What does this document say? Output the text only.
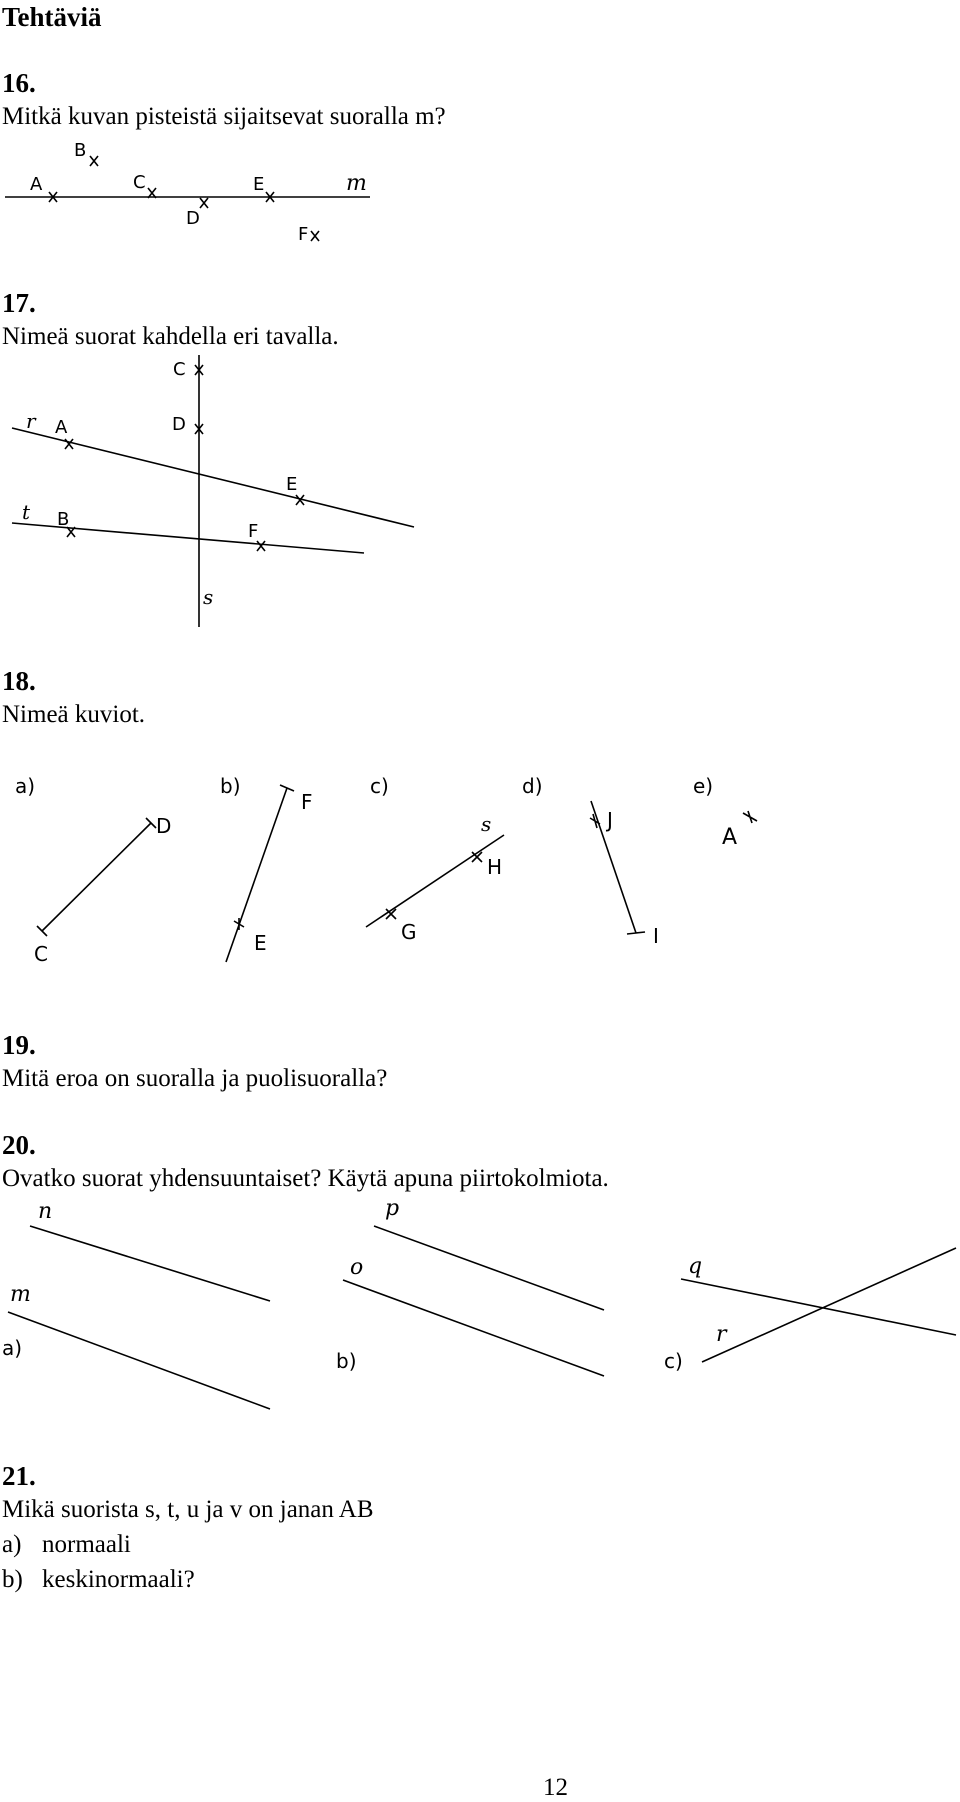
Tehtäviä
16.
Mitkä kuvan pisteistä sijaitsevat suoralla m?
A
B
C
D
E
F
m
17.
Nimeä suorat kahdella eri tavalla.
r
t
s
C
D
A
E
B
F
18.
Nimeä kuviot.
a)
D
C
b)
F
E
c)
s
H
G
d)
J
I
e)
A
19.
Mitä eroa on suoralla ja puolisuoralla?
20.
Ovatko suorat yhdensuuntaiset? Käytä apuna piirtokolmiota.
n
m
a)
p
o
b)
q
r
c)
21.
Mikä suorista s, t, u ja v on janan AB
a) normaali
b) keskinormaali?
12
